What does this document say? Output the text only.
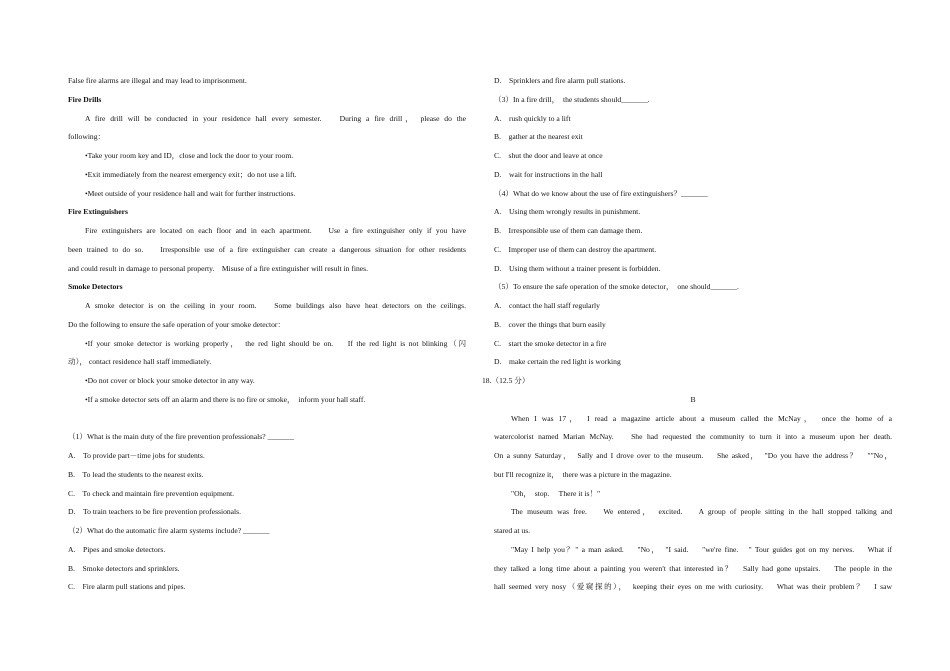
False fire alarms are illegal and may lead to imprisonment.
Fire Drills
A fire drill will be conducted in your residence hall every semester.　 During a fire drill， please do the
following：
•Take your room key and ID，close and lock the door to your room.
•Exit immediately from the nearest emergency exit；do not use a lift.
•Meet outside of your residence hall and wait for further instructions.
Fire Extinguishers
Fire extinguishers are located on each floor and in each apartment.　 Use a fire extinguisher only if you have
been trained to do so.　 Irresponsible use of a fire extinguisher can create a dangerous situation for other residents
and could result in damage to personal property.　Misuse of a fire extinguisher will result in fines.
Smoke Detectors
A smoke detector is on the ceiling in your room.　 Some buildings also have heat detectors on the ceilings.
Do the following to ensure the safe operation of your smoke detector：
•If your smoke detector is working properly，　the red light should be on.　 If the red light is not blinking（闪
动）， contact residence hall staff immediately.
•Do not cover or block your smoke detector in any way.
•If a smoke detector sets off an alarm and there is no fire or smoke，　inform your hall staff.
（1）What is the main duty of the fire prevention professionals? _______
A.　To provide part－time jobs for students.
B.　To lead the students to the nearest exits.
C.　To check and maintain fire prevention equipment.
D.　To train teachers to be fire prevention professionals.
（2）What do the automatic fire alarm systems include? _______
A.　Pipes and smoke detectors.
B.　Smoke detectors and sprinklers.
C.　Fire alarm pull stations and pipes.
D.　Sprinklers and fire alarm pull stations.
（3）In a fire drill，　the students should_______.
A.　rush quickly to a lift
B.　gather at the nearest exit
C.　shut the door and leave at once
D.　wait for instructions in the hall
（4）What do we know about the use of fire extinguishers？_______
A.　Using them wrongly results in punishment.
B.　Irresponsible use of them can damage them.
C.　Improper use of them can destroy the apartment.
D.　Using them without a trainer present is forbidden.
（5）To ensure the safe operation of the smoke detector，　one should_______.
A.　contact the hall staff regularly
B.　cover the things that burn easily
C.　start the smoke detector in a fire
D.　make certain the red light is working
18.（12.5 分）
B
When I was 17，　I read a magazine article about a museum called the McNay，　once the home of a
watercolorist named Marian McNay.　 She had requested the community to turn it into a museum upon her death.
On a sunny Saturday，　Sally and I drove over to the museum.　 She asked，　"Do you have the address？　""No，
but I'll recognize it，　there was a picture in the magazine.
"Oh，　stop.　 There it is！"
The museum was free.　 We entered，　excited.　 A group of people sitting in the hall stopped talking and
stared at us.
"May I help you？" a man asked.　 "No，　"I said.　 "we're fine.　" Tour guides got on my nerves.　 What if
they talked a long time about a painting you weren't that interested in？　Sally had gone upstairs.　 The people in the
hall seemed very nosy（爱窥探的），　keeping their eyes on me with curiosity.　 What was their problem？　I saw
